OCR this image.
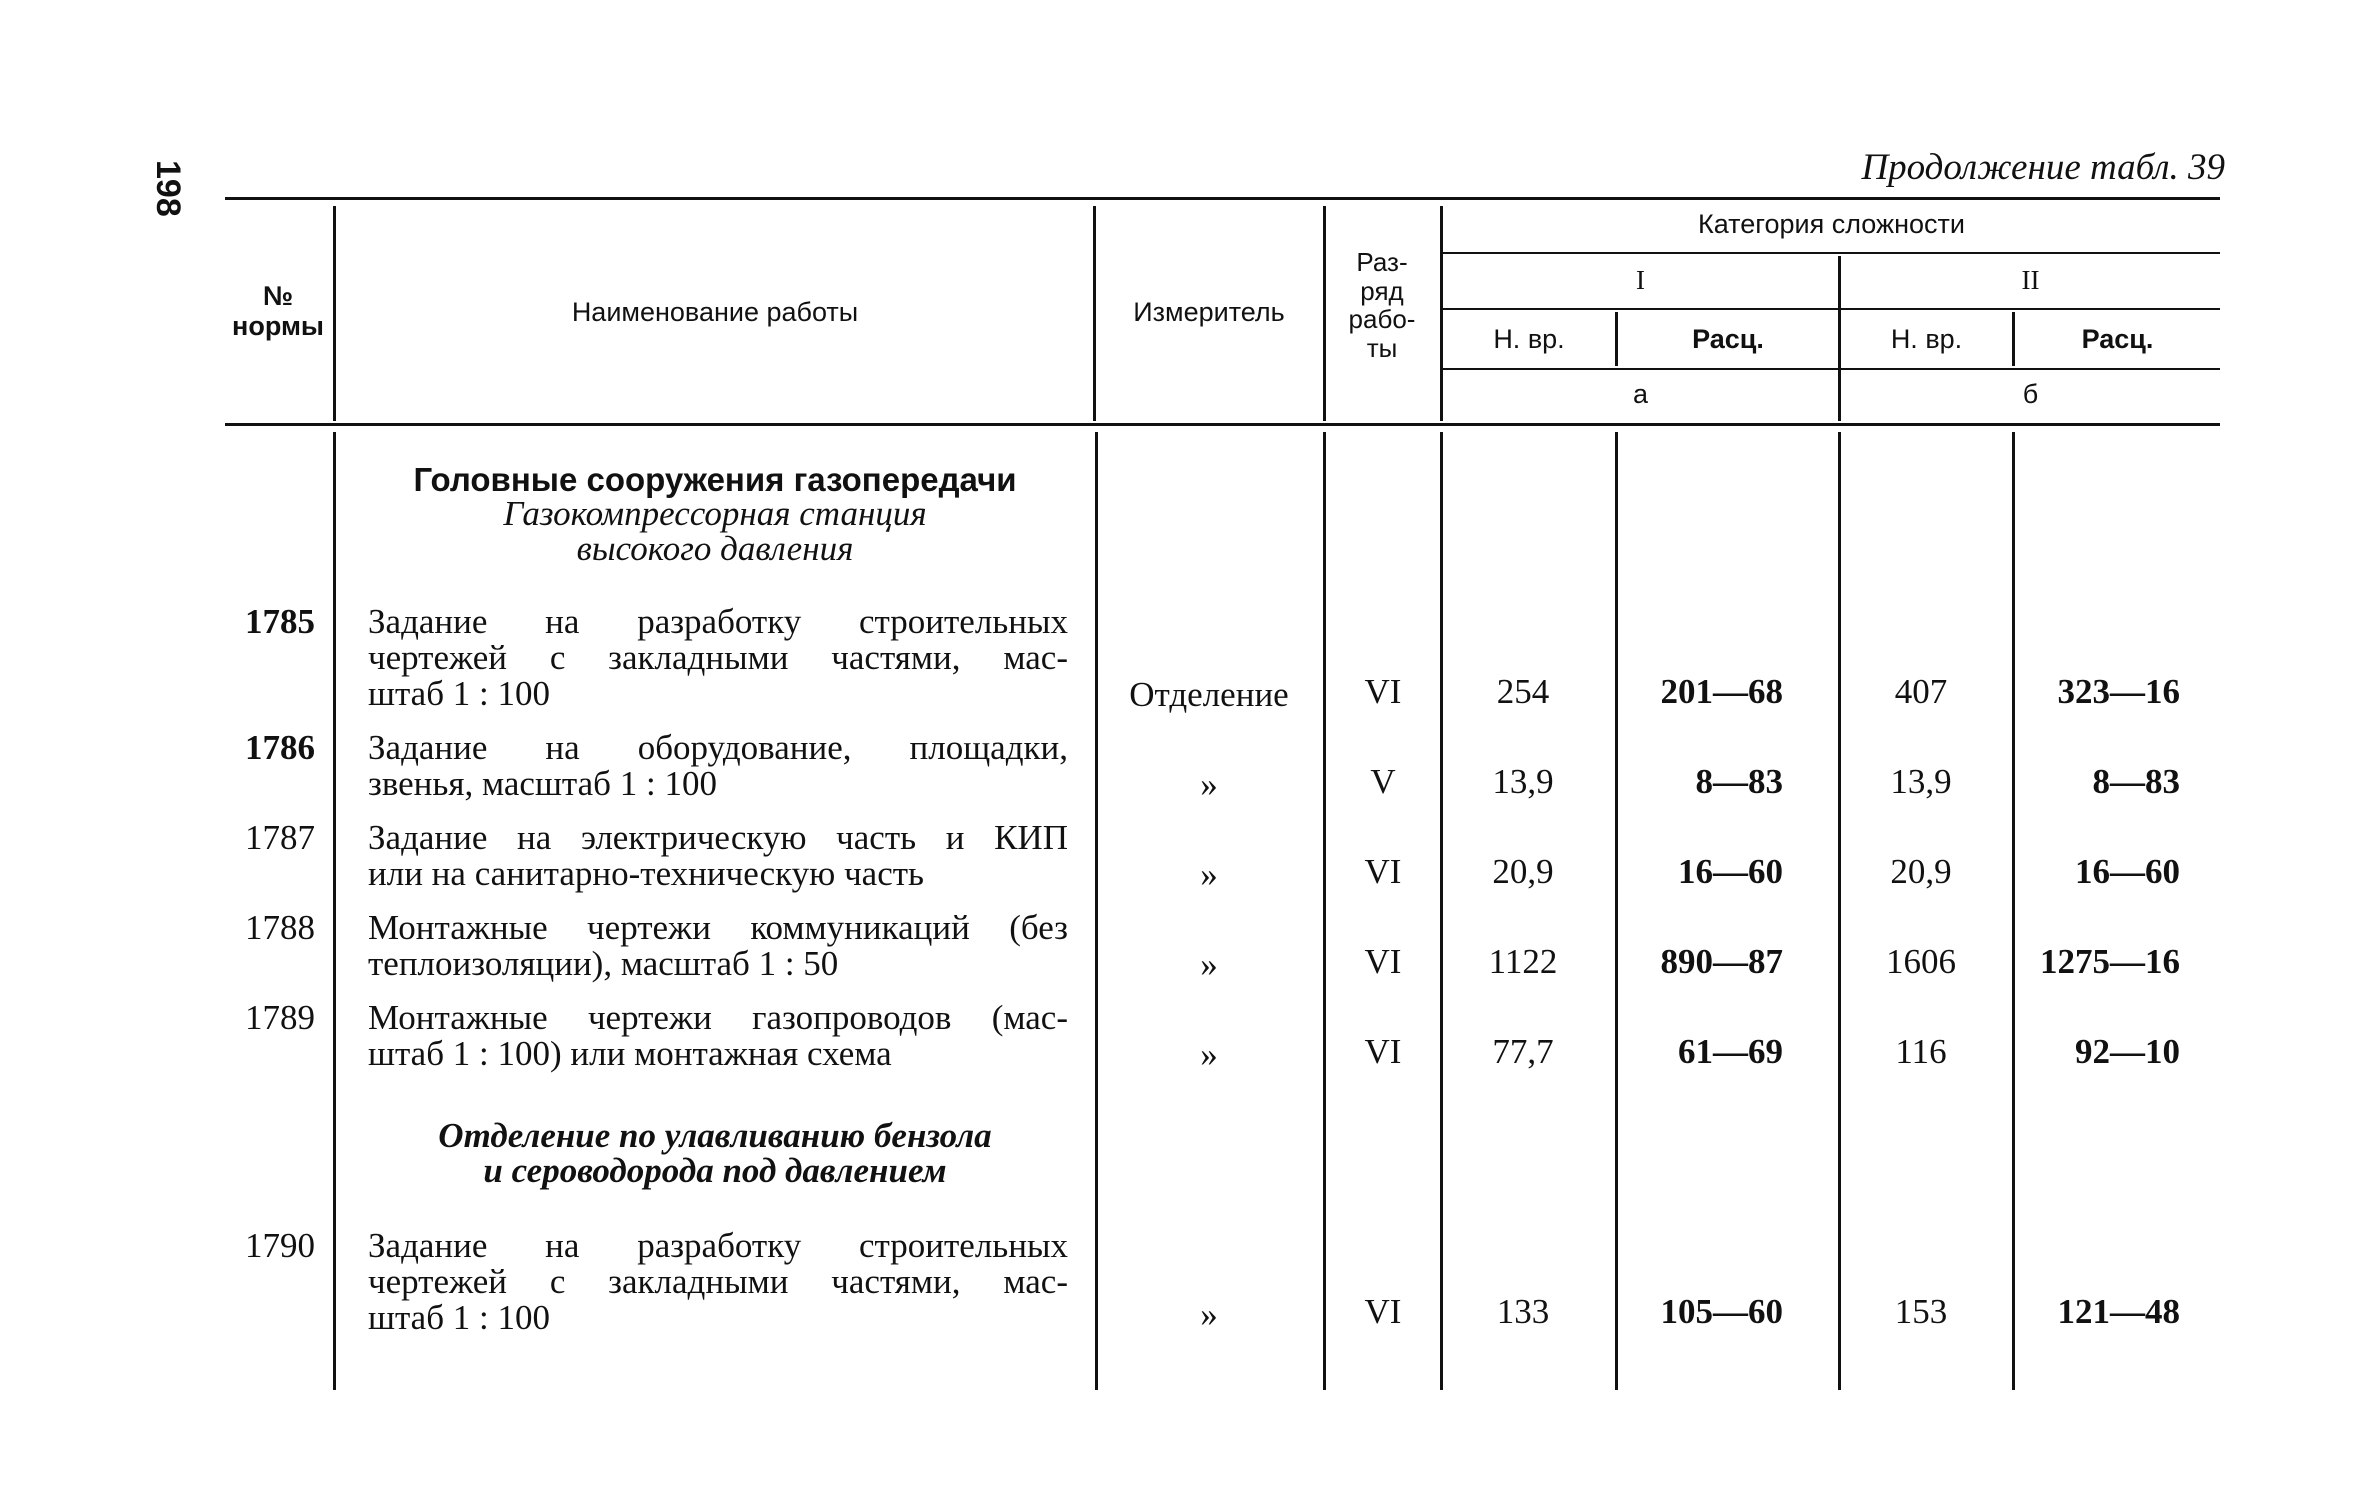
198	Продолжение табл. 39
№ нормы	Наименование работы	Измеритель
Раз-ряд рабо-ты
Категория сложности
I	II
Н. вр.	Расц.	Н. вр.	Расц.
а	б
Головные сооружения газопередачи
Газокомпрессорная станция
высокого давления
1785 Задание на разработку строительных
чертежей с закладными частями, мас-
штаб 1 : 100	Отделение	VI	254	201—68	407	323—16
1786 Задание на оборудование, площадки,
звенья, масштаб 1 : 100	»	V	13,9	8—83	13,9	8—83
1787 Задание на электрическую часть и КИП
или на санитарно-техническую часть	»	VI	20,9	16—60	20,9	16—60
1788 Монтажные чертежи коммуникаций (без
теплоизоляции), масштаб 1 : 50	»	VI	1122	890—87	1606	1275—16
1789 Монтажные чертежи газопроводов (мас-
штаб 1 : 100) или монтажная схема	»	VI	77,7	61—69	116	92—10
Отделение по улавливанию бензола
и сероводорода под давлением
1790 Задание на разработку строительных
чертежей с закладными частями, мас-
штаб 1 : 100	»	VI	133	105—60	153	121—48
